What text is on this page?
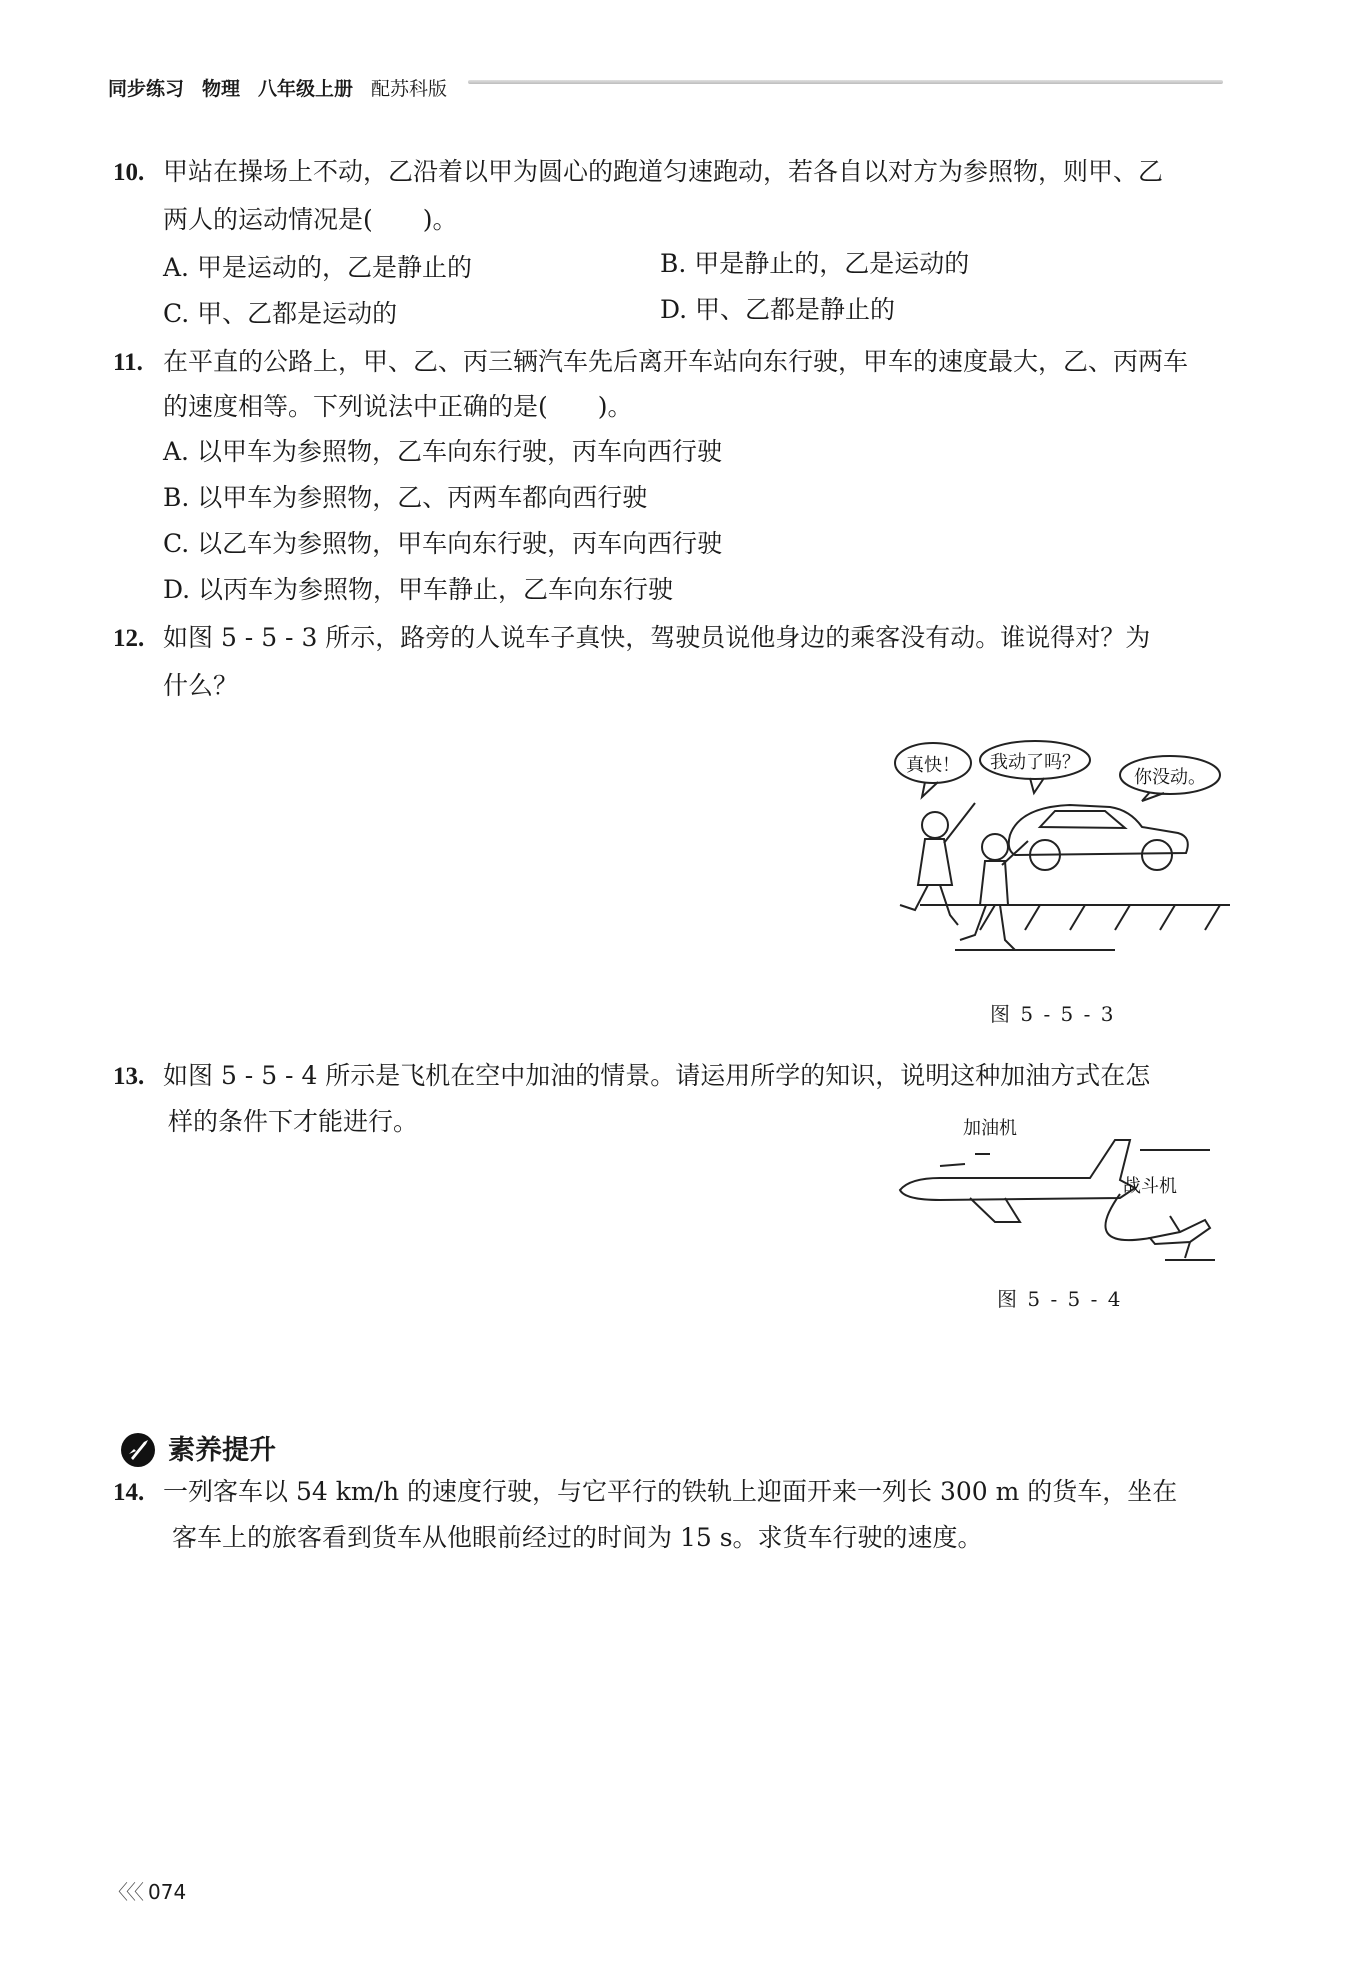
同步练习 物理 八年级上册 配苏科版
10. 甲站在操场上不动，乙沿着以甲为圆心的跑道匀速跑动，若各自以对方为参照物，则甲、乙
两人的运动情况是(　　)。
A. 甲是运动的，乙是静止的	B. 甲是静止的，乙是运动的
C. 甲、乙都是运动的	D. 甲、乙都是静止的
11. 在平直的公路上，甲、乙、丙三辆汽车先后离开车站向东行驶，甲车的速度最大，乙、丙两车
的速度相等。下列说法中正确的是(　　)。
A. 以甲车为参照物，乙车向东行驶，丙车向西行驶
B. 以甲车为参照物，乙、丙两车都向西行驶
C. 以乙车为参照物，甲车向东行驶，丙车向西行驶
D. 以丙车为参照物，甲车静止，乙车向东行驶
12. 如图 5 - 5 - 3 所示，路旁的人说车子真快，驾驶员说他身边的乘客没有动。谁说得对？为
什么？
真快！ 我动了吗？
你没动。
图 5 - 5 - 3
13. 如图 5 - 5 - 4 所示是飞机在空中加油的情景。请运用所学的知识，说明这种加油方式在怎
样的条件下才能进行。	加油机
战斗机
图 5 - 5 - 4
素养提升
14. 一列客车以 54 km/h 的速度行驶，与它平行的铁轨上迎面开来一列长 300 m 的货车，坐在
客车上的旅客看到货车从他眼前经过的时间为 15 s。求货车行驶的速度。
〈〈〈 074
